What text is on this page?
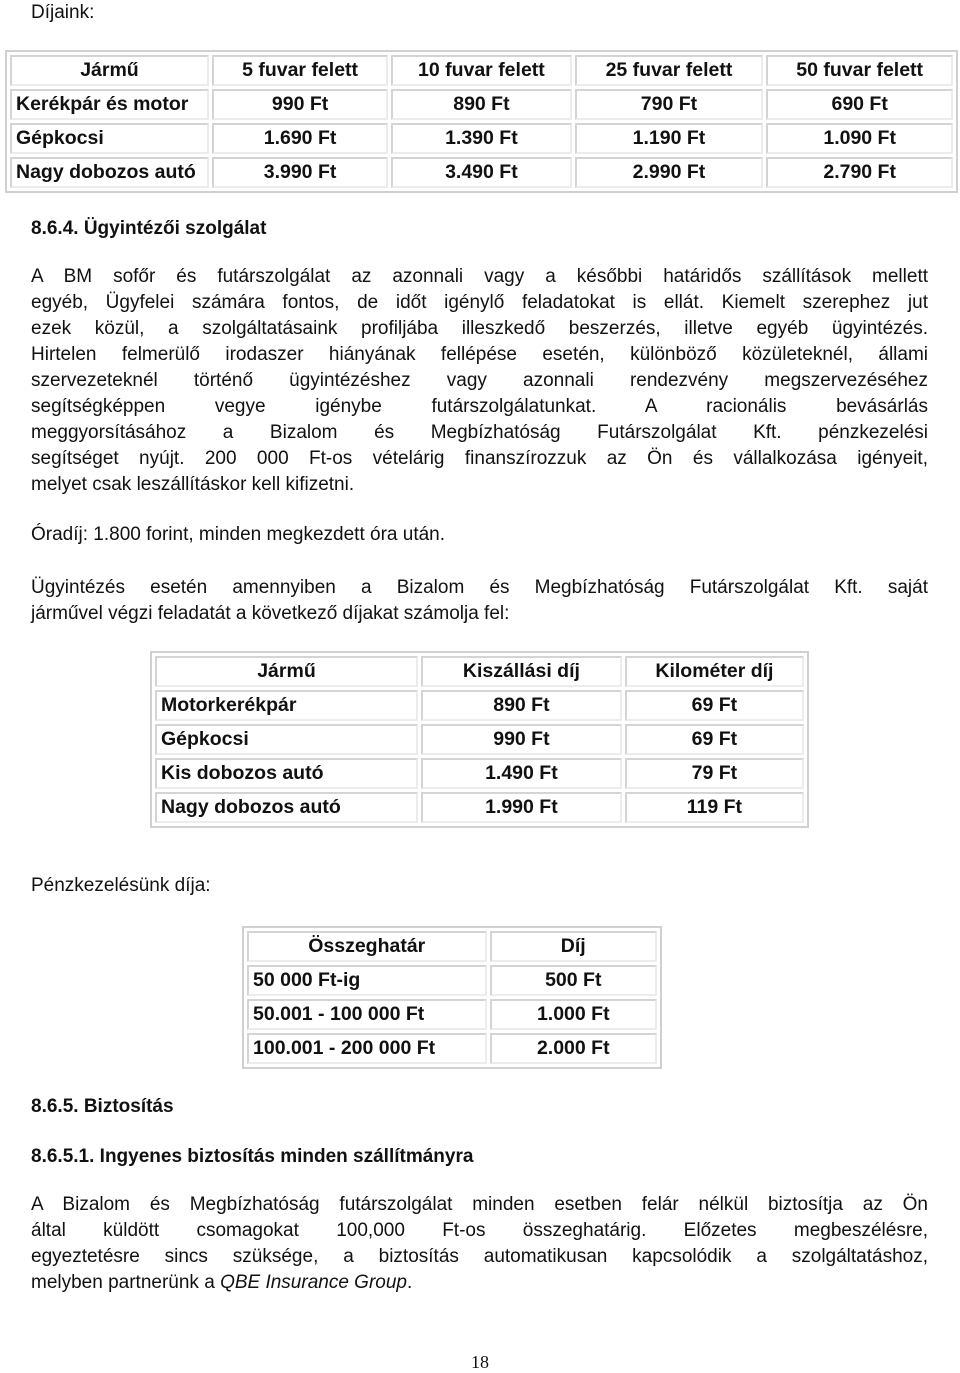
Díjaink:
Jármű	5 fuvar felett	10 fuvar felett	25 fuvar felett	50 fuvar felett
Kerékpár és motor	990 Ft	890 Ft	790 Ft	690 Ft
Gépkocsi	1.690 Ft	1.390 Ft	1.190 Ft	1.090 Ft
Nagy dobozos autó	3.990 Ft	3.490 Ft	2.990 Ft	2.790 Ft
8.6.4. Ügyintézői szolgálat
A BM sofőr és futárszolgálat az azonnali vagy a későbbi határidős szállítások mellett
egyéb, Ügyfelei számára fontos, de időt igénylő feladatokat is ellát. Kiemelt szerephez jut
ezek közül, a szolgáltatásaink profiljába illeszkedő beszerzés, illetve egyéb ügyintézés.
Hirtelen felmerülő irodaszer hiányának fellépése esetén, különböző közületeknél, állami
szervezeteknél történő ügyintézéshez vagy azonnali rendezvény megszervezéséhez
segítségképpen vegye igénybe futárszolgálatunkat. A racionális bevásárlás
meggyorsításához a Bizalom és Megbízhatóság Futárszolgálat Kft. pénzkezelési
segítséget nyújt. 200 000 Ft-os vételárig finanszírozzuk az Ön és vállalkozása igényeit,
melyet csak leszállításkor kell kifizetni.
Óradíj: 1.800 forint, minden megkezdett óra után.
Ügyintézés esetén amennyiben a Bizalom és Megbízhatóság Futárszolgálat Kft. saját
járművel végzi feladatát a következő díjakat számolja fel:
Jármű	Kiszállási díj	Kilométer díj
Motorkerékpár	890 Ft	69 Ft
Gépkocsi	990 Ft	69 Ft
Kis dobozos autó	1.490 Ft	79 Ft
Nagy dobozos autó	1.990 Ft	119 Ft
Pénzkezelésünk díja:
Összeghatár	Díj
50 000 Ft-ig	500 Ft
50.001 - 100 000 Ft	1.000 Ft
100.001 - 200 000 Ft	2.000 Ft
8.6.5. Biztosítás
8.6.5.1. Ingyenes biztosítás minden szállítmányra
A Bizalom és Megbízhatóság futárszolgálat minden esetben felár nélkül biztosítja az Ön
által küldött csomagokat 100,000 Ft-os összeghatárig. Előzetes megbeszélésre,
egyeztetésre sincs szüksége, a biztosítás automatikusan kapcsolódik a szolgáltatáshoz,
melyben partnerünk a QBE Insurance Group.
18
